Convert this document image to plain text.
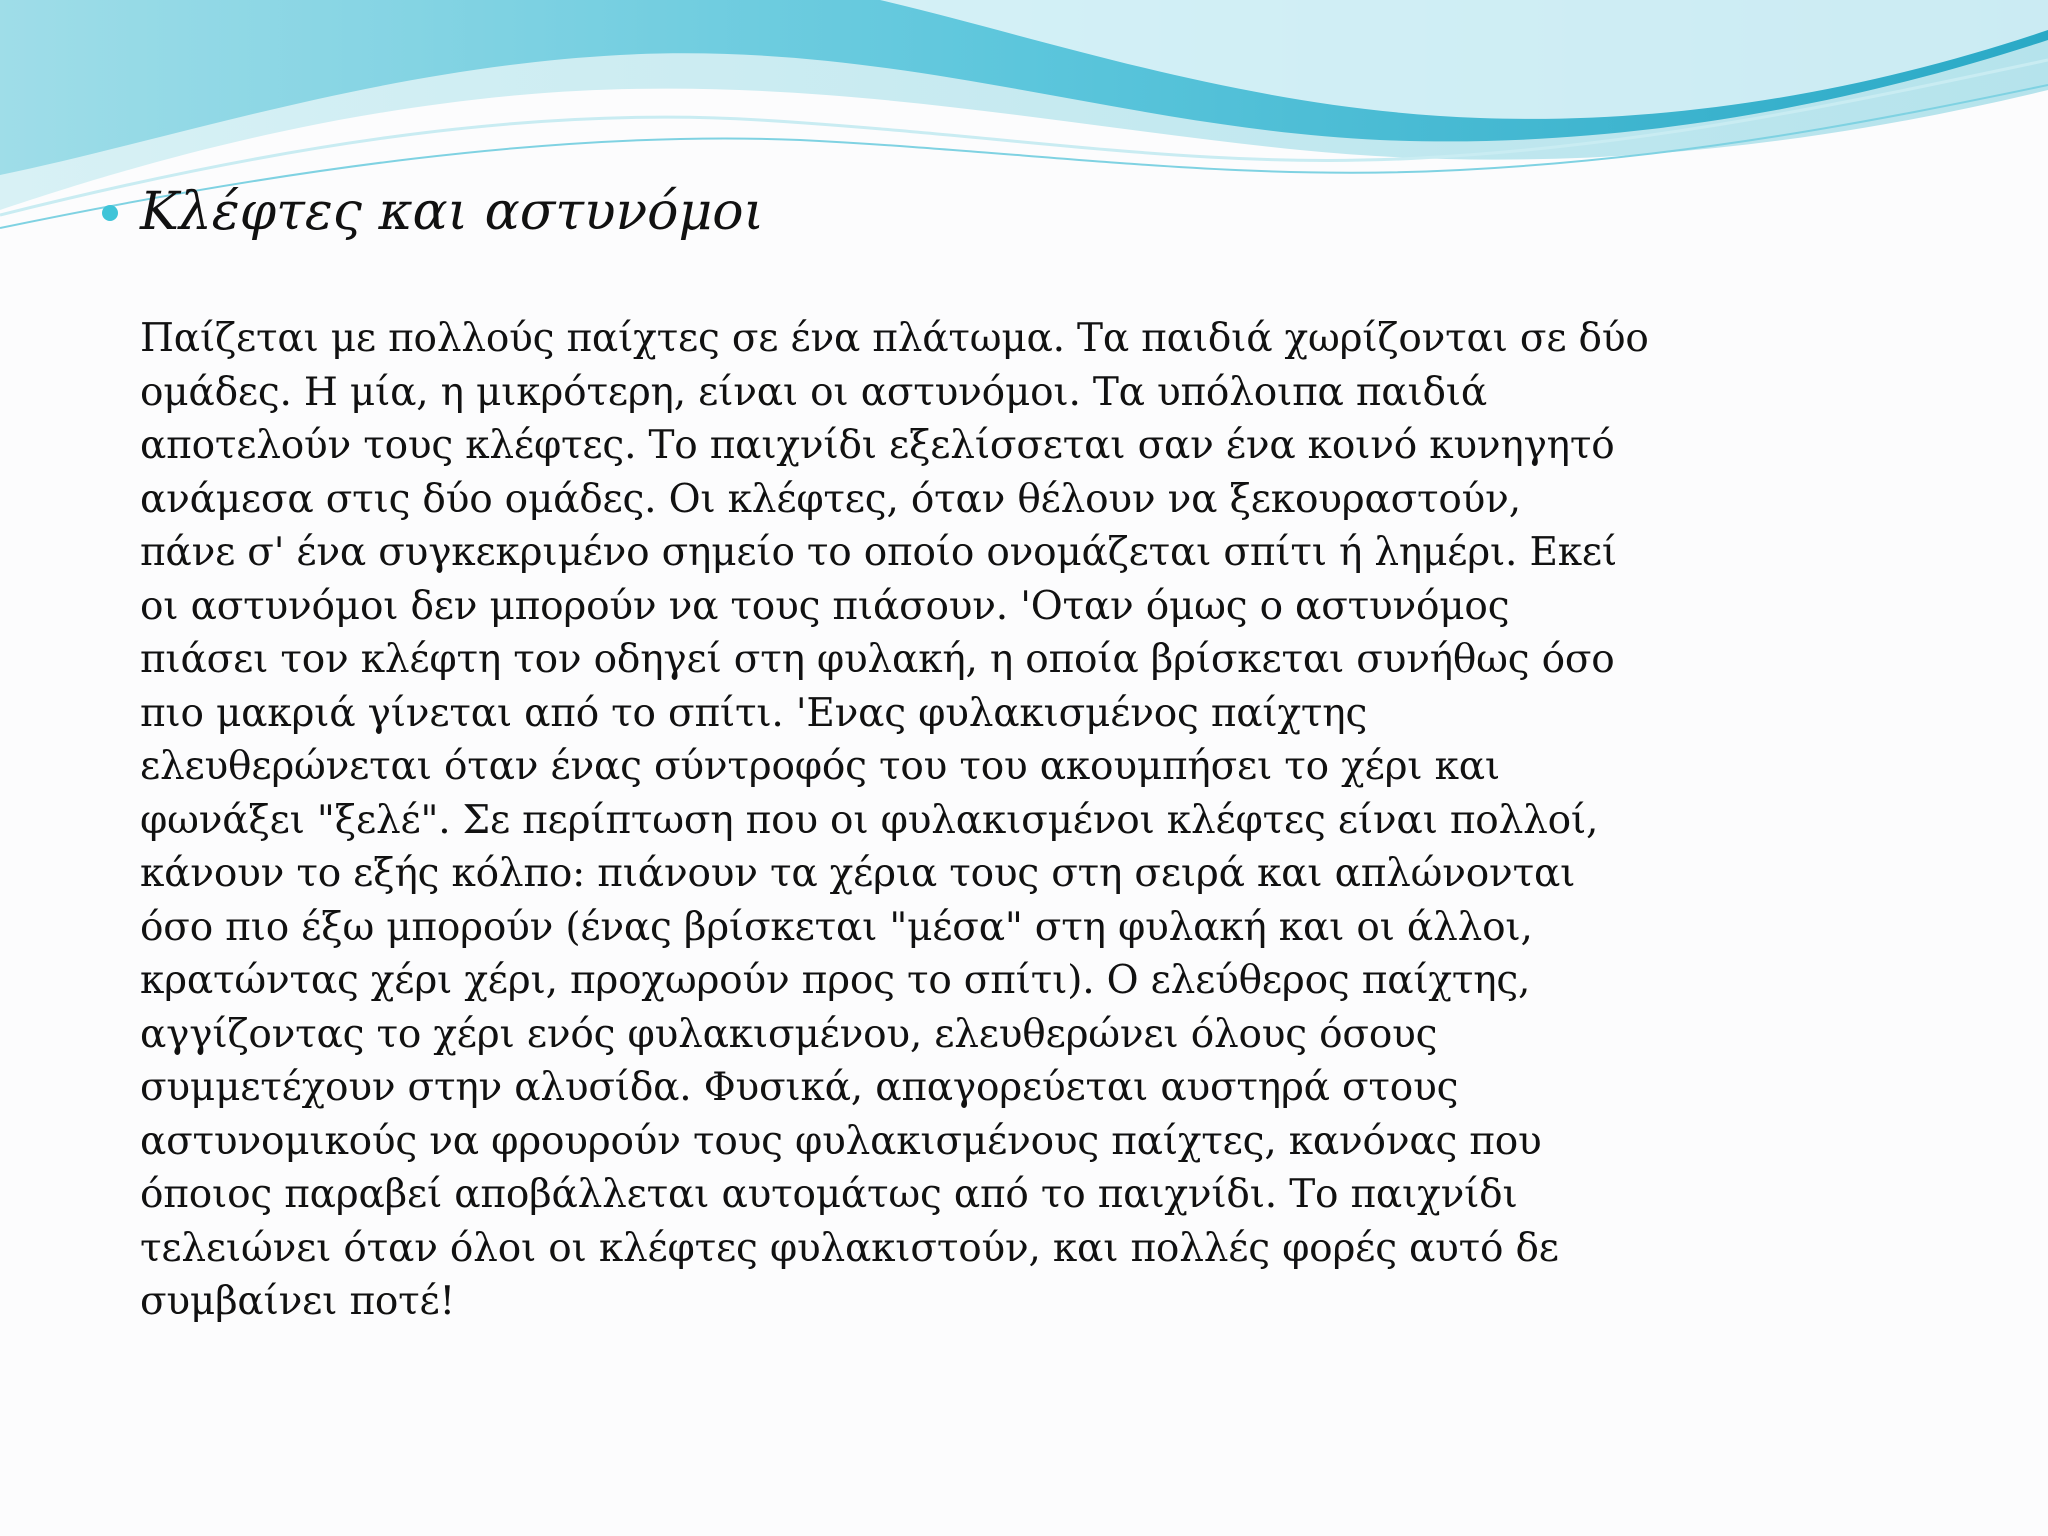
Κλέφτες και αστυνόμοι
Παίζεται με πολλούς παίχτες σε ένα πλάτωμα. Τα παιδιά χωρίζονται σε δύο
ομάδες. Η μία, η μικρότερη, είναι οι αστυνόμοι. Τα υπόλοιπα παιδιά
αποτελούν τους κλέφτες. Το παιχνίδι εξελίσσεται σαν ένα κοινό κυνηγητό
ανάμεσα στις δύο ομάδες. Οι κλέφτες, όταν θέλουν να ξεκουραστούν,
πάνε σ' ένα συγκεκριμένο σημείο το οποίο ονομάζεται σπίτι ή λημέρι. Εκεί
οι αστυνόμοι δεν μπορούν να τους πιάσουν. 'Οταν όμως ο αστυνόμος
πιάσει τον κλέφτη τον οδηγεί στη φυλακή, η οποία βρίσκεται συνήθως όσο
πιο μακριά γίνεται από το σπίτι. 'Ενας φυλακισμένος παίχτης
ελευθερώνεται όταν ένας σύντροφός του του ακουμπήσει το χέρι και
φωνάξει "ξελέ". Σε περίπτωση που οι φυλακισμένοι κλέφτες είναι πολλοί,
κάνουν το εξής κόλπο: πιάνουν τα χέρια τους στη σειρά και απλώνονται
όσο πιο έξω μπορούν (ένας βρίσκεται "μέσα" στη φυλακή και οι άλλοι,
κρατώντας χέρι χέρι, προχωρούν προς το σπίτι). Ο ελεύθερος παίχτης,
αγγίζοντας το χέρι ενός φυλακισμένου, ελευθερώνει όλους όσους
συμμετέχουν στην αλυσίδα. Φυσικά, απαγορεύεται αυστηρά στους
αστυνομικούς να φρουρούν τους φυλακισμένους παίχτες, κανόνας που
όποιος παραβεί αποβάλλεται αυτομάτως από το παιχνίδι. Το παιχνίδι
τελειώνει όταν όλοι οι κλέφτες φυλακιστούν, και πολλές φορές αυτό δε
συμβαίνει ποτέ!
